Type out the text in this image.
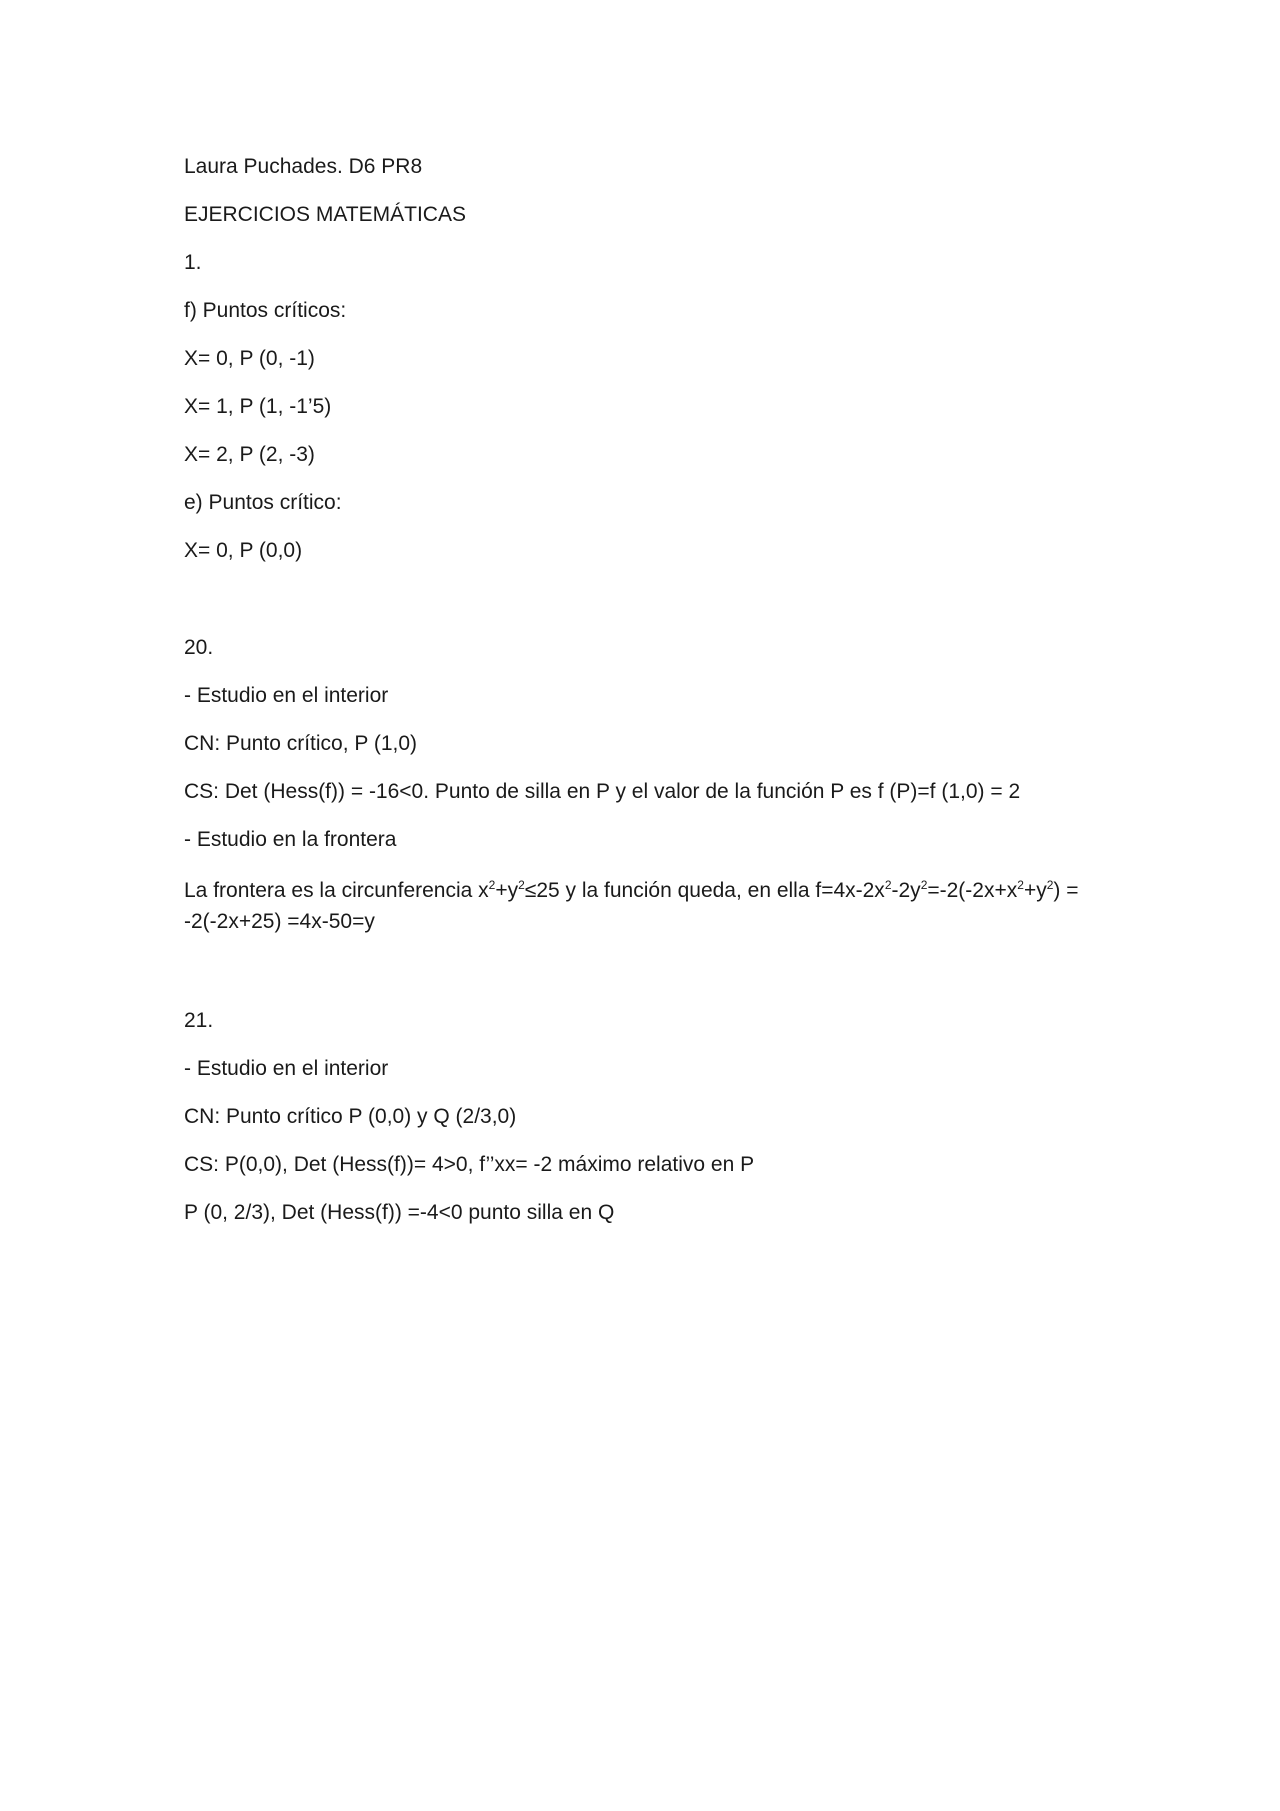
Laura Puchades. D6 PR8

EJERCICIOS MATEMÁTICAS

1.

f) Puntos críticos:

X= 0, P (0, -1)

X= 1, P (1, -1’5)

X= 2, P (2, -3)

e) Puntos crítico:

X= 0, P (0,0)

20.

- Estudio en el interior

CN: Punto crítico, P (1,0)

CS: Det (Hess(f)) = -16<0. Punto de silla en P y el valor de la función P es f (P)=f (1,0) = 2

- Estudio en la frontera

La frontera es la circunferencia $x^2+y^2\le 25$ y la función queda, en ella $f=4x-2x^2-2y^2=-2(-2x+x^2+y^2) = -2(-2x+25) =4x-50=y$

21.

- Estudio en el interior

CN: Punto crítico P (0,0) y Q (2/3,0)

CS: P(0,0), Det (Hess(f))= 4>0, f’’xx= -2 máximo relativo en P

P (0, 2/3), Det (Hess(f)) =-4<0 punto silla en Q
